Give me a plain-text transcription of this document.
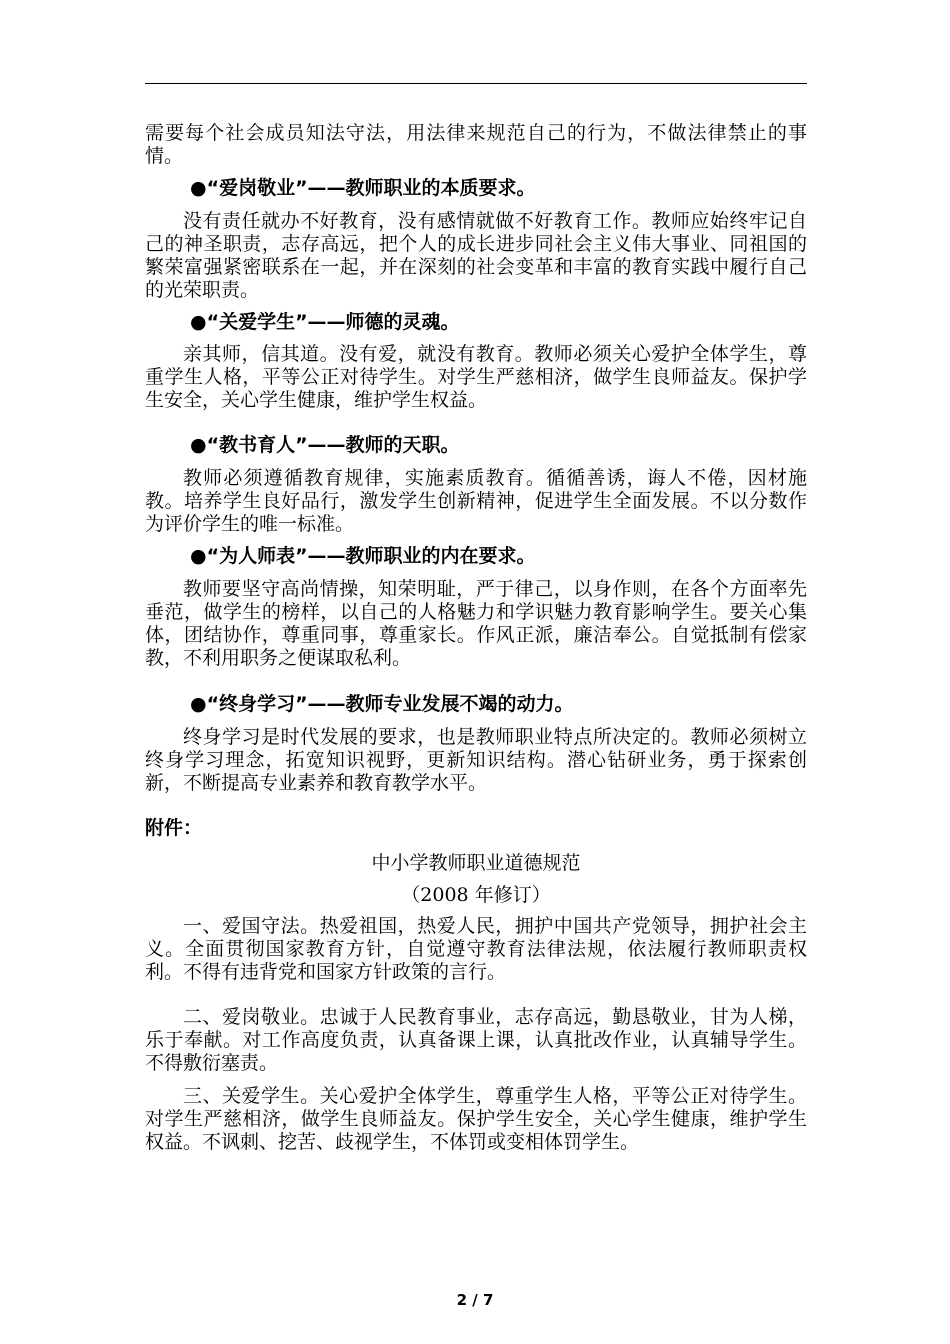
需要每个社会成员知法守法，用法律来规范自己的行为，不做法律禁止的事情。

●“爱岗敬业”——教师职业的本质要求。

没有责任就办不好教育，没有感情就做不好教育工作。教师应始终牢记自己的神圣职责，志存高远，把个人的成长进步同社会主义伟大事业、同祖国的繁荣富强紧密联系在一起，并在深刻的社会变革和丰富的教育实践中履行自己的光荣职责。

●“关爱学生”——师德的灵魂。

亲其师，信其道。没有爱，就没有教育。教师必须关心爱护全体学生，尊重学生人格，平等公正对待学生。对学生严慈相济，做学生良师益友。保护学生安全，关心学生健康，维护学生权益。

●“教书育人”——教师的天职。

教师必须遵循教育规律，实施素质教育。循循善诱，诲人不倦，因材施教。培养学生良好品行，激发学生创新精神，促进学生全面发展。不以分数作为评价学生的唯一标准。

●“为人师表”——教师职业的内在要求。

教师要坚守高尚情操，知荣明耻，严于律己，以身作则，在各个方面率先垂范，做学生的榜样，以自己的人格魅力和学识魅力教育影响学生。要关心集体，团结协作，尊重同事，尊重家长。作风正派，廉洁奉公。自觉抵制有偿家教，不利用职务之便谋取私利。

●“终身学习”——教师专业发展不竭的动力。

终身学习是时代发展的要求，也是教师职业特点所决定的。教师必须树立终身学习理念，拓宽知识视野，更新知识结构。潜心钻研业务，勇于探索创新，不断提高专业素养和教育教学水平。

附件：

中小学教师职业道德规范

（2008 年修订）

一、爱国守法。热爱祖国，热爱人民，拥护中国共产党领导，拥护社会主义。全面贯彻国家教育方针，自觉遵守教育法律法规，依法履行教师职责权利。不得有违背党和国家方针政策的言行。

二、爱岗敬业。忠诚于人民教育事业，志存高远，勤恳敬业，甘为人梯，乐于奉献。对工作高度负责，认真备课上课，认真批改作业，认真辅导学生。不得敷衍塞责。

三、关爱学生。关心爱护全体学生，尊重学生人格，平等公正对待学生。对学生严慈相济，做学生良师益友。保护学生安全，关心学生健康，维护学生权益。不讽刺、挖苦、歧视学生，不体罚或变相体罚学生。

2 / 7
